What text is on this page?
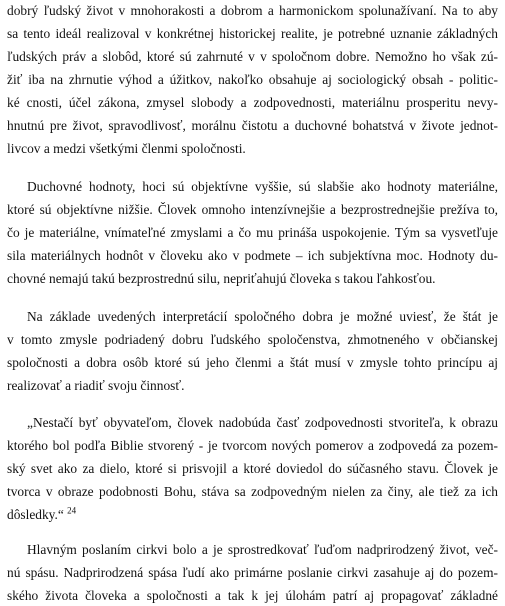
dobrý ľudský život v mnohorakosti a dobrom a harmonickom spolunažívaní. Na to aby
sa tento ideál realizoval v konkrétnej historickej realite, je potrebné uznanie základných
ľudských práv a slobôd, ktoré sú zahrnuté v v spoločnom dobre. Nemožno ho však zú-
žiť iba na zhrnutie výhod a úžitkov, nakoľko obsahuje aj sociologický obsah - politic-
ké cnosti, účel zákona, zmysel slobody a zodpovednosti, materiálnu prosperitu nevy-
hnutnú pre život, spravodlivosť, morálnu čistotu a duchovné bohatstvá v živote jednot-
livcov a medzi všetkými členmi spoločnosti.
Duchovné hodnoty, hoci sú objektívne vyššie, sú slabšie ako hodnoty materiálne,
ktoré sú objektívne nižšie. Človek omnoho intenzívnejšie a bezprostrednejšie prežíva to,
čo je materiálne, vnímateľné zmyslami a čo mu prináša uspokojenie. Tým sa vysvetľuje
sila materiálnych hodnôt v človeku ako v podmete – ich subjektívna moc. Hodnoty du-
chovné nemajú takú bezprostrednú silu, nepriťahujú človeka s takou ľahkosťou.
Na základe uvedených interpretácií spoločného dobra je možné uviesť, že štát je
v tomto zmysle podriadený dobru ľudského spoločenstva, zhmotneného v občianskej
spoločnosti a dobra osôb ktoré sú jeho členmi a štát musí v zmysle tohto princípu aj
realizovať a riadiť svoju činnosť.
„Nestačí byť obyvateľom, človek nadobúda časť zodpovednosti stvoriteľa, k obrazu
ktorého bol podľa Biblie stvorený - je tvorcom nových pomerov a zodpovedá za pozem-
ský svet ako za dielo, ktoré si prisvojil a ktoré doviedol do súčasného stavu. Človek je
tvorca v obraze podobnosti Bohu, stáva sa zodpovedným nielen za činy, ale tiež za ich
dôsledky.“ $^{24}$
Hlavným poslaním cirkvi bolo a je sprostredkovať ľuďom nadprirodzený život, več-
nú spásu. Nadprirodzená spása ľudí ako primárne poslanie cirkvi zasahuje aj do pozem-
ského života človeka a spoločnosti a tak k jej úlohám patrí aj propagovať základné
